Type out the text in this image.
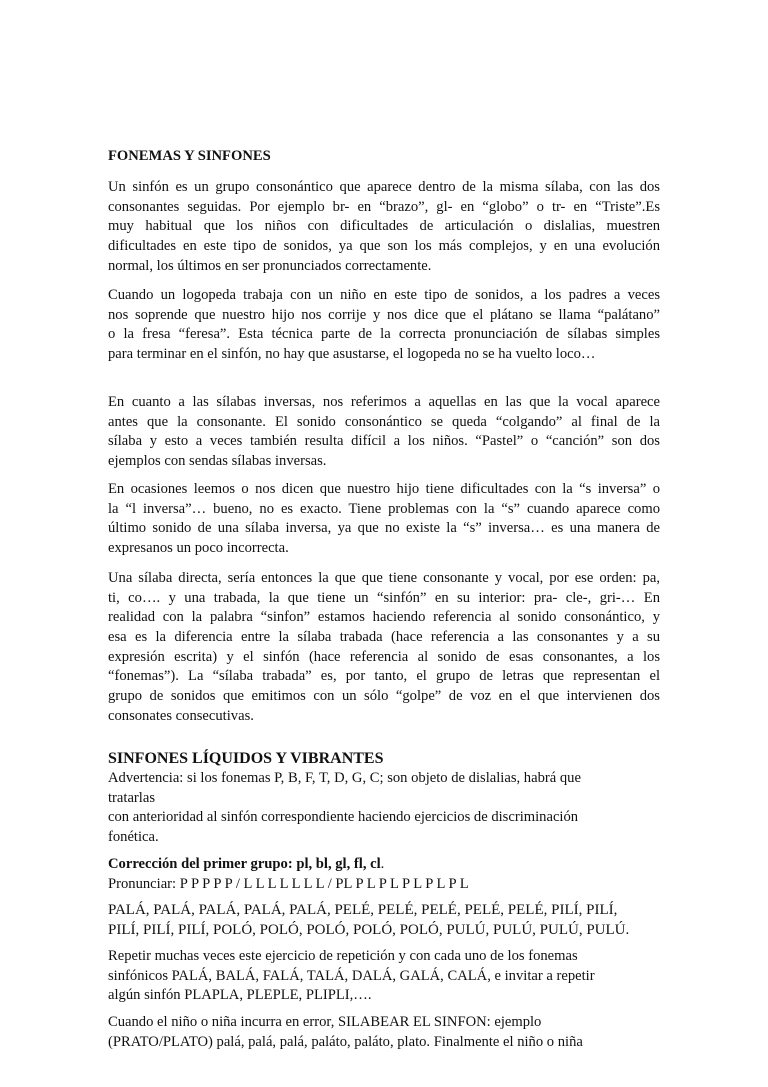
FONEMAS Y SINFONES
Un sinfón es un grupo consonántico que aparece dentro de la misma sílaba, con las dos
consonantes seguidas. Por ejemplo br- en “brazo”, gl- en “globo” o tr- en “Triste”.Es
muy habitual que los niños con dificultades de articulación o dislalias, muestren
dificultades en este tipo de sonidos, ya que son los más complejos, y en una evolución
normal, los últimos en ser pronunciados correctamente.
Cuando un logopeda trabaja con un niño en este tipo de sonidos, a los padres a veces
nos soprende que nuestro hijo nos corrije y nos dice que el plátano se llama “palátano”
o la fresa “feresa”. Esta técnica parte de la correcta pronunciación de sílabas simples
para terminar en el sinfón, no hay que asustarse, el logopeda no se ha vuelto loco…
En cuanto a las sílabas inversas, nos referimos a aquellas en las que la vocal aparece
antes que la consonante. El sonido consonántico se queda “colgando” al final de la
sílaba y esto a veces también resulta difícil a los niños. “Pastel” o “canción” son dos
ejemplos con sendas sílabas inversas.
En ocasiones leemos o nos dicen que nuestro hijo tiene dificultades con la “s inversa” o
la “l inversa”… bueno, no es exacto. Tiene problemas con la “s” cuando aparece como
último sonido de una sílaba inversa, ya que no existe la “s” inversa… es una manera de
expresanos un poco incorrecta.
Una sílaba directa, sería entonces la que que tiene consonante y vocal, por ese orden: pa,
ti, co…. y una trabada, la que tiene un “sinfón” en su interior: pra- cle-, gri-… En
realidad con la palabra “sinfon” estamos haciendo referencia al sonido consonántico, y
esa es la diferencia entre la sílaba trabada (hace referencia a las consonantes y a su
expresión escrita) y el sinfón (hace referencia al sonido de esas consonantes, a los
“fonemas”). La “sílaba trabada” es, por tanto, el grupo de letras que representan el
grupo de sonidos que emitimos con un sólo “golpe” de voz en el que intervienen dos
consonates consecutivas.
SINFONES LÍQUIDOS Y VIBRANTES
Advertencia: si los fonemas P, B, F, T, D, G, C; son objeto de dislalias, habrá que
tratarlas
con anterioridad al sinfón correspondiente haciendo ejercicios de discriminación
fonética.
Corrección del primer grupo: pl, bl, gl, fl, cl.
Pronunciar: P P P P P / L L L L L L L / PL P L P L P L P L P L
PALÁ, PALÁ, PALÁ, PALÁ, PALÁ, PELÉ, PELÉ, PELÉ, PELÉ, PELÉ, PILÍ, PILÍ,
PILÍ, PILÍ, PILÍ, POLÓ, POLÓ, POLÓ, POLÓ, POLÓ, PULÚ, PULÚ, PULÚ, PULÚ.
Repetir muchas veces este ejercicio de repetición y con cada uno de los fonemas
sinfónicos PALÁ, BALÁ, FALÁ, TALÁ, DALÁ, GALÁ, CALÁ, e invitar a repetir
algún sinfón PLAPLA, PLEPLE, PLIPLI,….
Cuando el niño o niña incurra en error, SILABEAR EL SINFON: ejemplo
(PRATO/PLATO) palá, palá, palá, paláto, paláto, plato. Finalmente el niño o niña
